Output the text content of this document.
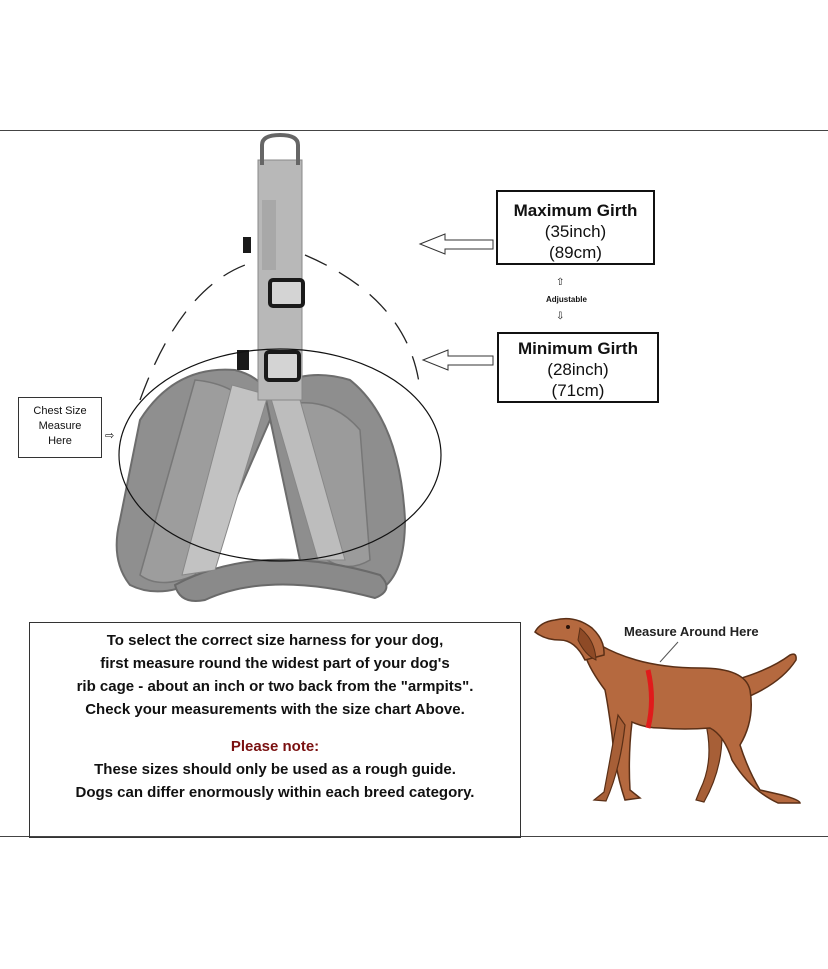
Maximum Girth
(35inch)
(89cm)
⇧
Adjustable
⇩
Minimum Girth
(28inch)
(71cm)
Chest Size
Measure
Here	⇨
To select the correct size harness for your dog,
first measure round the widest part of your dog's
rib cage - about an inch or two back from the "armpits".
Check your measurements with the size chart Above.
Please note:
These sizes should only be used as a rough guide.
Dogs can differ enormously within each breed category.
Measure Around Here
